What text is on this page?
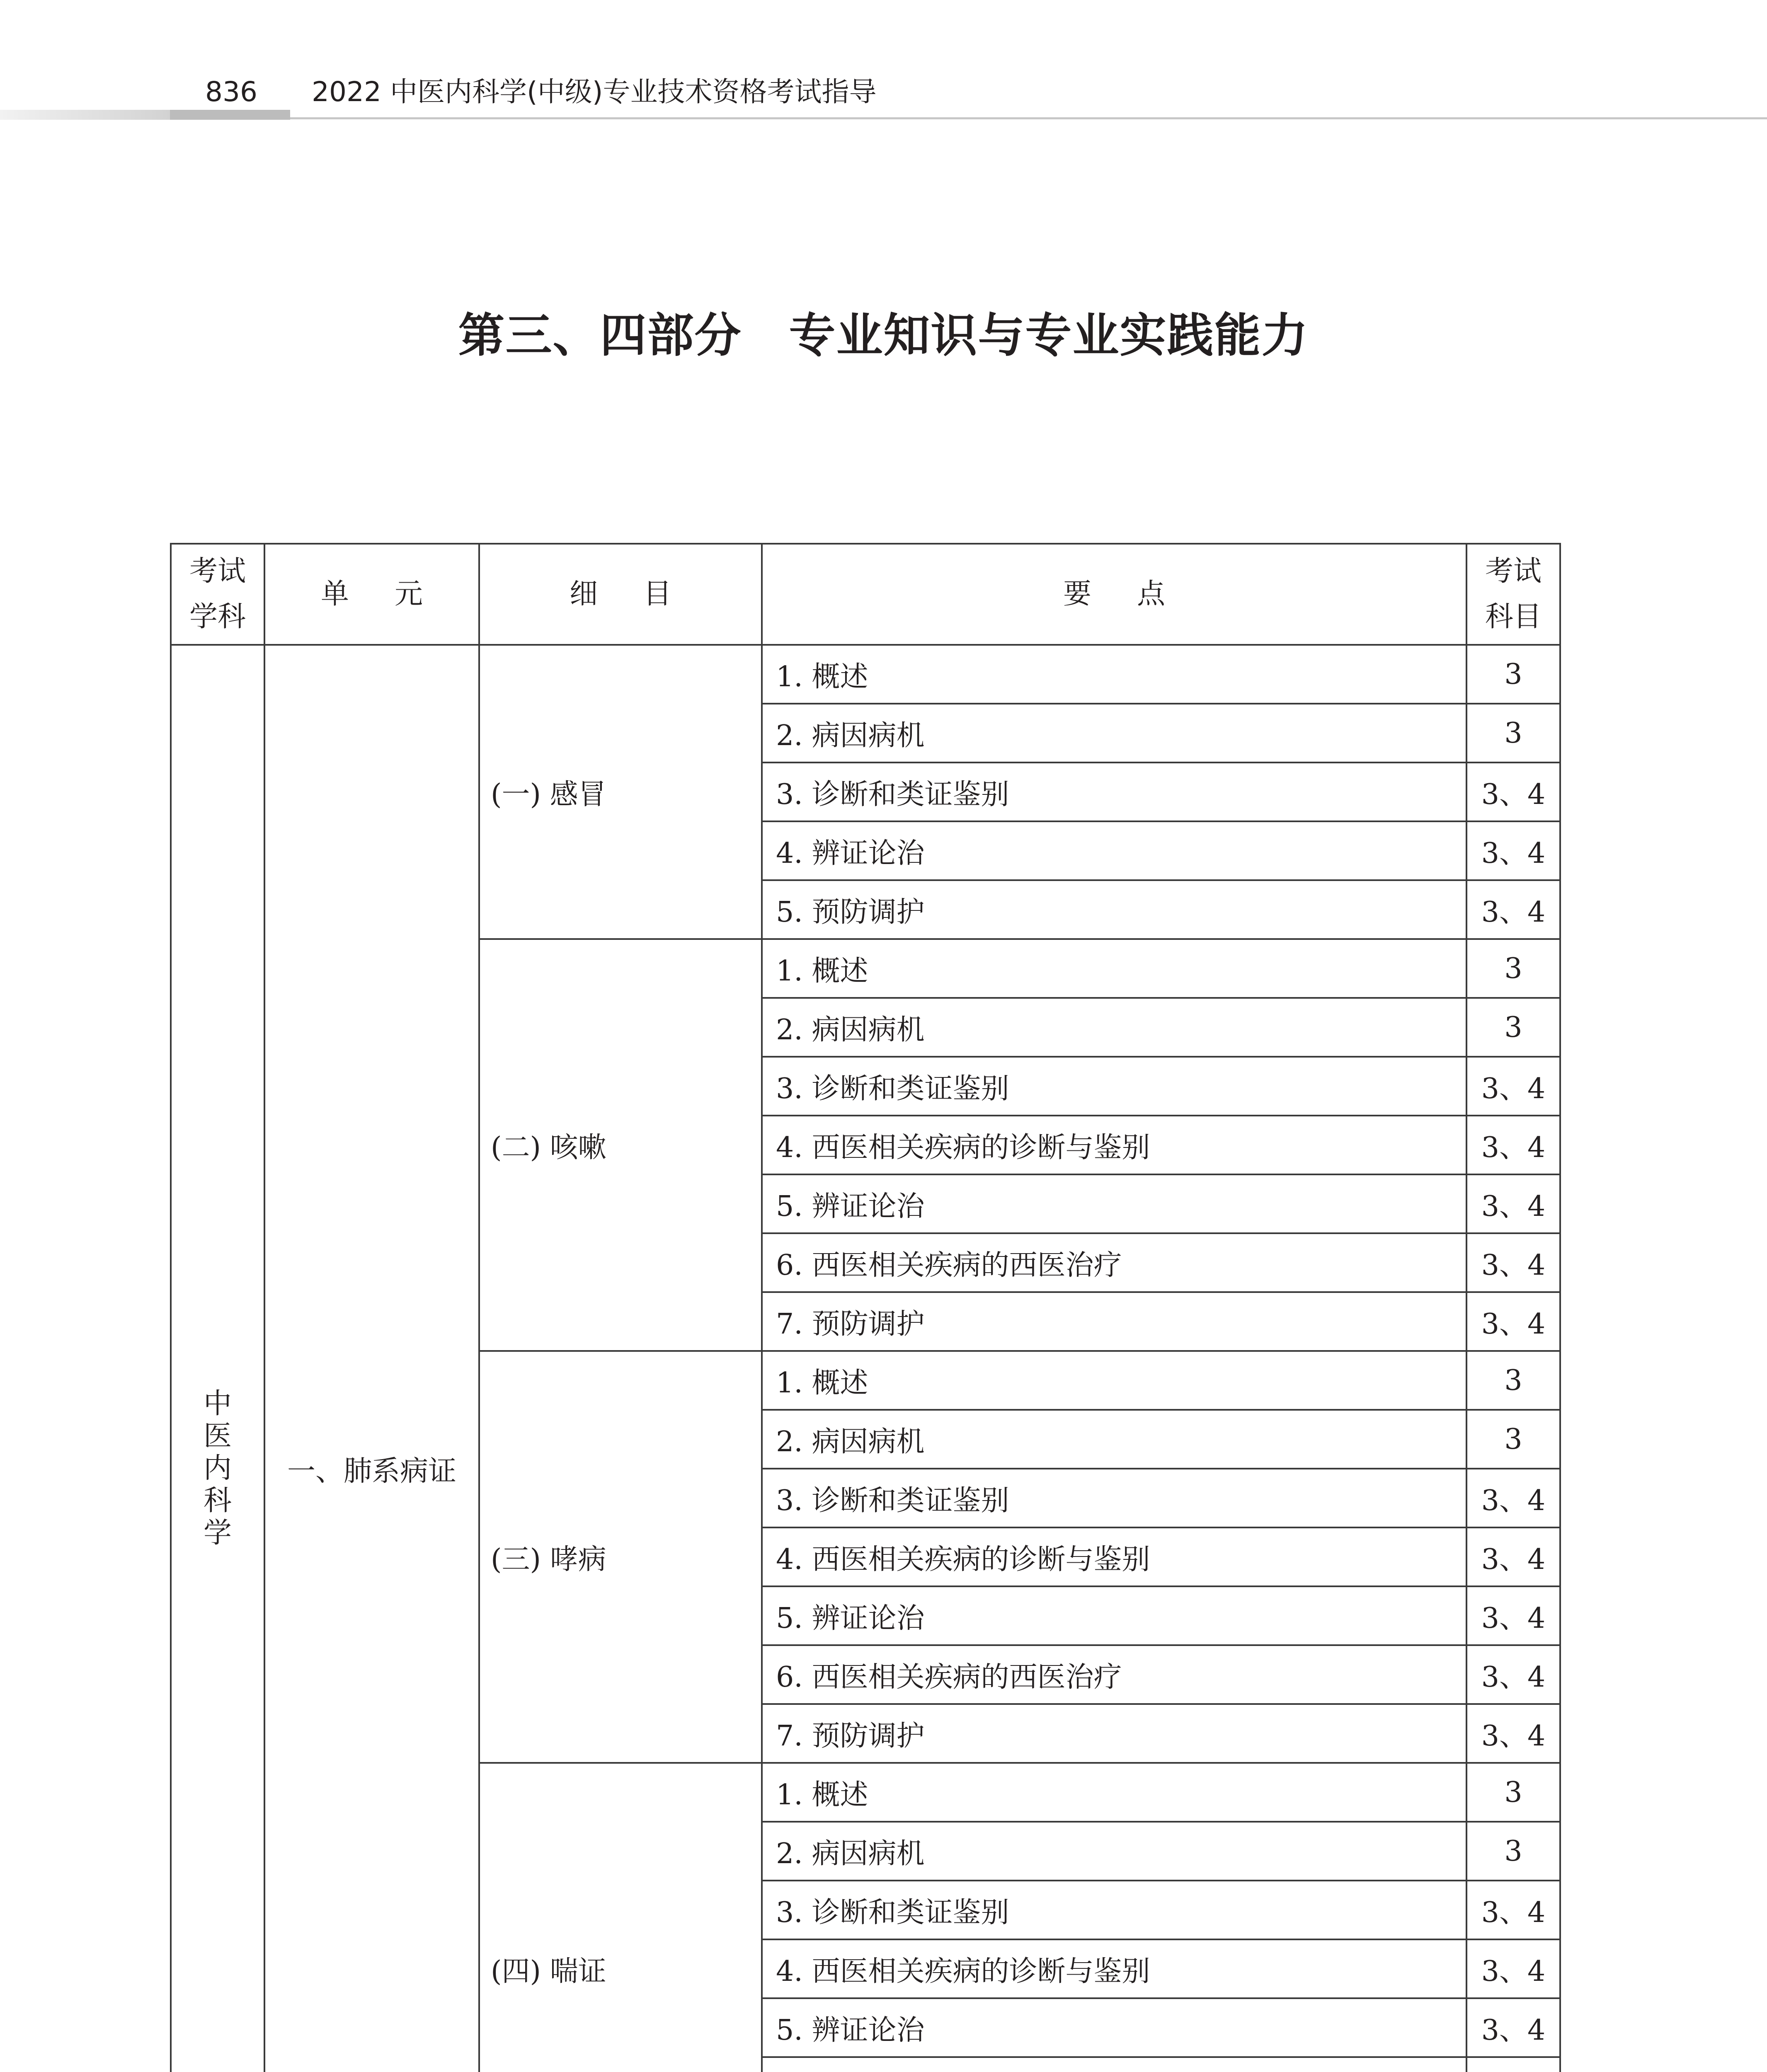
836 2022 中医内科学(中级)专业技术资格考试指导
第三、四部分　专业知识与专业实践能力
考试学科	单元	细目	要点	考试科目
中医内科学	一、肺系病证	(一) 感冒	1. 概述	3
			2. 病因病机	3
			3. 诊断和类证鉴别	3、4
			4. 辨证论治	3、4
			5. 预防调护	3、4
		(二) 咳嗽	1. 概述	3
			2. 病因病机	3
			3. 诊断和类证鉴别	3、4
			4. 西医相关疾病的诊断与鉴别	3、4
			5. 辨证论治	3、4
			6. 西医相关疾病的西医治疗	3、4
			7. 预防调护	3、4
		(三) 哮病	1. 概述	3
			2. 病因病机	3
			3. 诊断和类证鉴别	3、4
			4. 西医相关疾病的诊断与鉴别	3、4
			5. 辨证论治	3、4
			6. 西医相关疾病的西医治疗	3、4
			7. 预防调护	3、4
		(四) 喘证	1. 概述	3
			2. 病因病机	3
			3. 诊断和类证鉴别	3、4
			4. 西医相关疾病的诊断与鉴别	3、4
			5. 辨证论治	3、4
